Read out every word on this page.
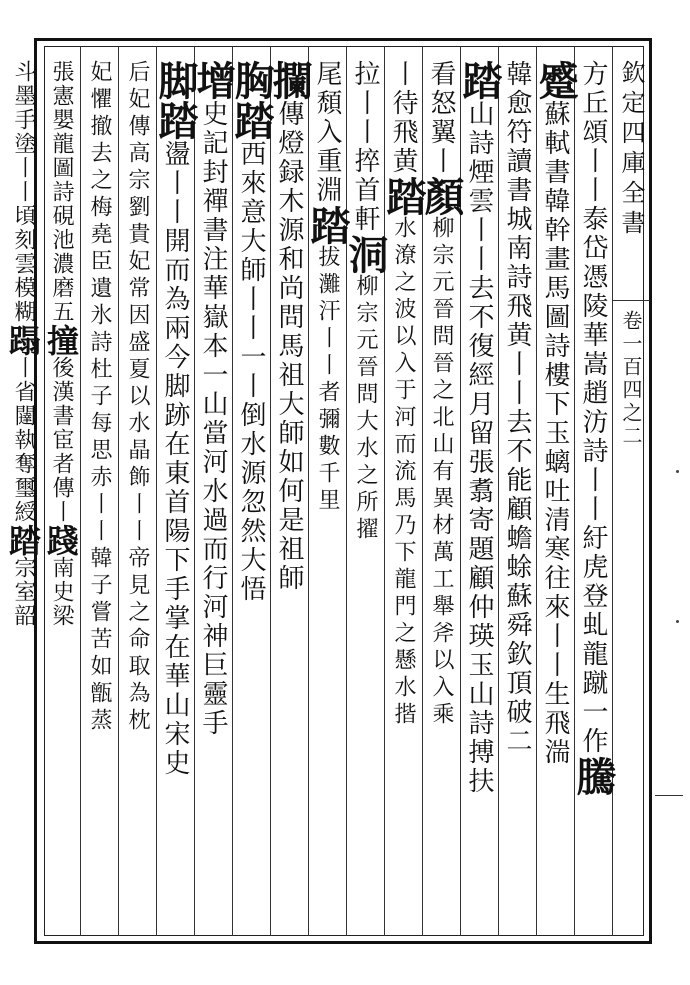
欽定四庫全書
卷一百四之二
方丘頌丨丨泰岱憑陵華嵩趙汸詩丨丨紆虎登虬龍蹴一作騰
蹙蘇軾書韓幹畫馬圖詩樓下玉螭吐清寒往來丨丨生飛湍
韓愈符讀書城南詩飛黄丨丨去不能顧蟾蜍蘇舜欽頂破二
踏山詩煙雲丨丨去不復經月留張翥寄題顧仲瑛玉山詩搏扶
看怒翼丨顏柳宗元晉問晉之北山有異材萬工舉斧以入乘
丨待飛黄踏水潦之波以入于河而流馬乃下龍門之懸水揩
拉丨丨捽首軒洞柳宗元晉問大水之所擢
尾頹入重淵踏拔灘汗丨丨者彌數千里
攔傳燈録木源和尚問馬祖大師如何是祖師
胸踏西來意大師丨丨一丨倒水源忽然大悟
增史記封禪書注華嶽本一山當河水過而行河神巨靈手
脚踏盪丨丨開而為兩今脚跡在東首陽下手掌在華山宋史
后妃傳高宗劉貴妃常因盛夏以水晶飾丨丨帝見之命取為枕
妃懼撤去之梅堯臣遺氷詩杜子每思赤丨丨韓子嘗苦如甑蒸
張憲嬰龍圖詩硯池濃磨五撞後漢書宦者傳丨踐南史梁
斗墨手塗丨丨頃刻雲模糊蹋丨省闥執奪璽綬踏宗室韶
